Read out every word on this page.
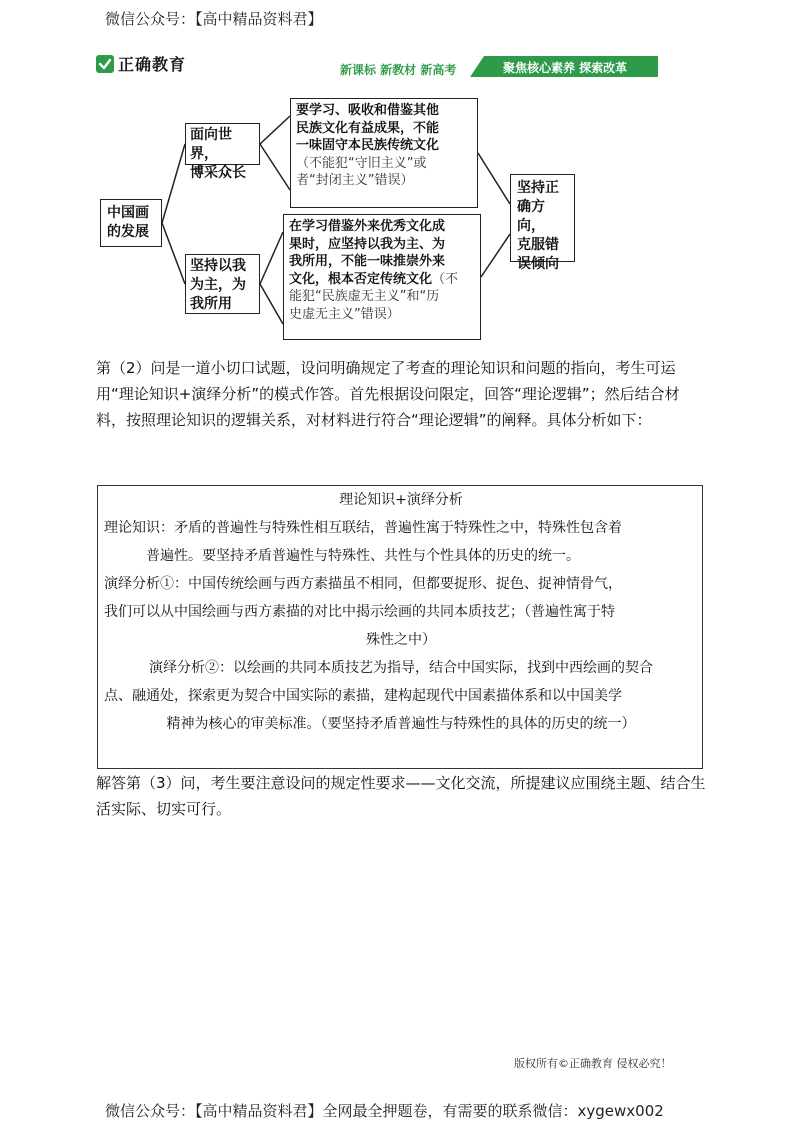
微信公众号：【高中精品资料君】
正确教育	新课标 新教材 新高考	聚焦核心素养 探索改革
中国画
的发展
面向世界，
博采众长
坚持以我
为主，为
我所用
要学习、吸收和借鉴其他
民族文化有益成果，不能
一味固守本民族传统文化
（不能犯“守旧主义”或
者“封闭主义”错误）
在学习借鉴外来优秀文化成
果时，应坚持以我为主、为
我所用，不能一味推崇外来
文化，根本否定传统文化（不
能犯“民族虚无主义”和“历
史虚无主义”错误）
坚持正
确方向，
克服错
误倾向
第（2）问是一道小切口试题，设问明确规定了考查的理论知识和问题的指向，考生可运用“理论知识+演绎分析”的模式作答。首先根据设问限定，回答“理论逻辑”；然后结合材料，按照理论知识的逻辑关系，对材料进行符合“理论逻辑”的阐释。具体分析如下：
理论知识+演绎分析

理论知识：矛盾的普遍性与特殊性相互联结，普遍性寓于特殊性之中，特殊性包含着

普遍性。要坚持矛盾普遍性与特殊性、共性与个性具体的历史的统一。

演绎分析①：中国传统绘画与西方素描虽不相同，但都要捉形、捉色、捉神情骨气，

我们可以从中国绘画与西方素描的对比中揭示绘画的共同本质技艺；（普遍性寓于特

殊性之中）

演绎分析②：以绘画的共同本质技艺为指导，结合中国实际，找到中西绘画的契合

点、融通处，探索更为契合中国实际的素描，建构起现代中国素描体系和以中国美学

精神为核心的审美标准。（要坚持矛盾普遍性与特殊性的具体的历史的统一）

解答第（3）问，考生要注意设问的规定性要求——文化交流，所提建议应围绕主题、结合生活实际、切实可行。
版权所有©正确教育 侵权必究！
微信公众号：【高中精品资料君】全网最全押题卷，有需要的联系微信：xygewx002
